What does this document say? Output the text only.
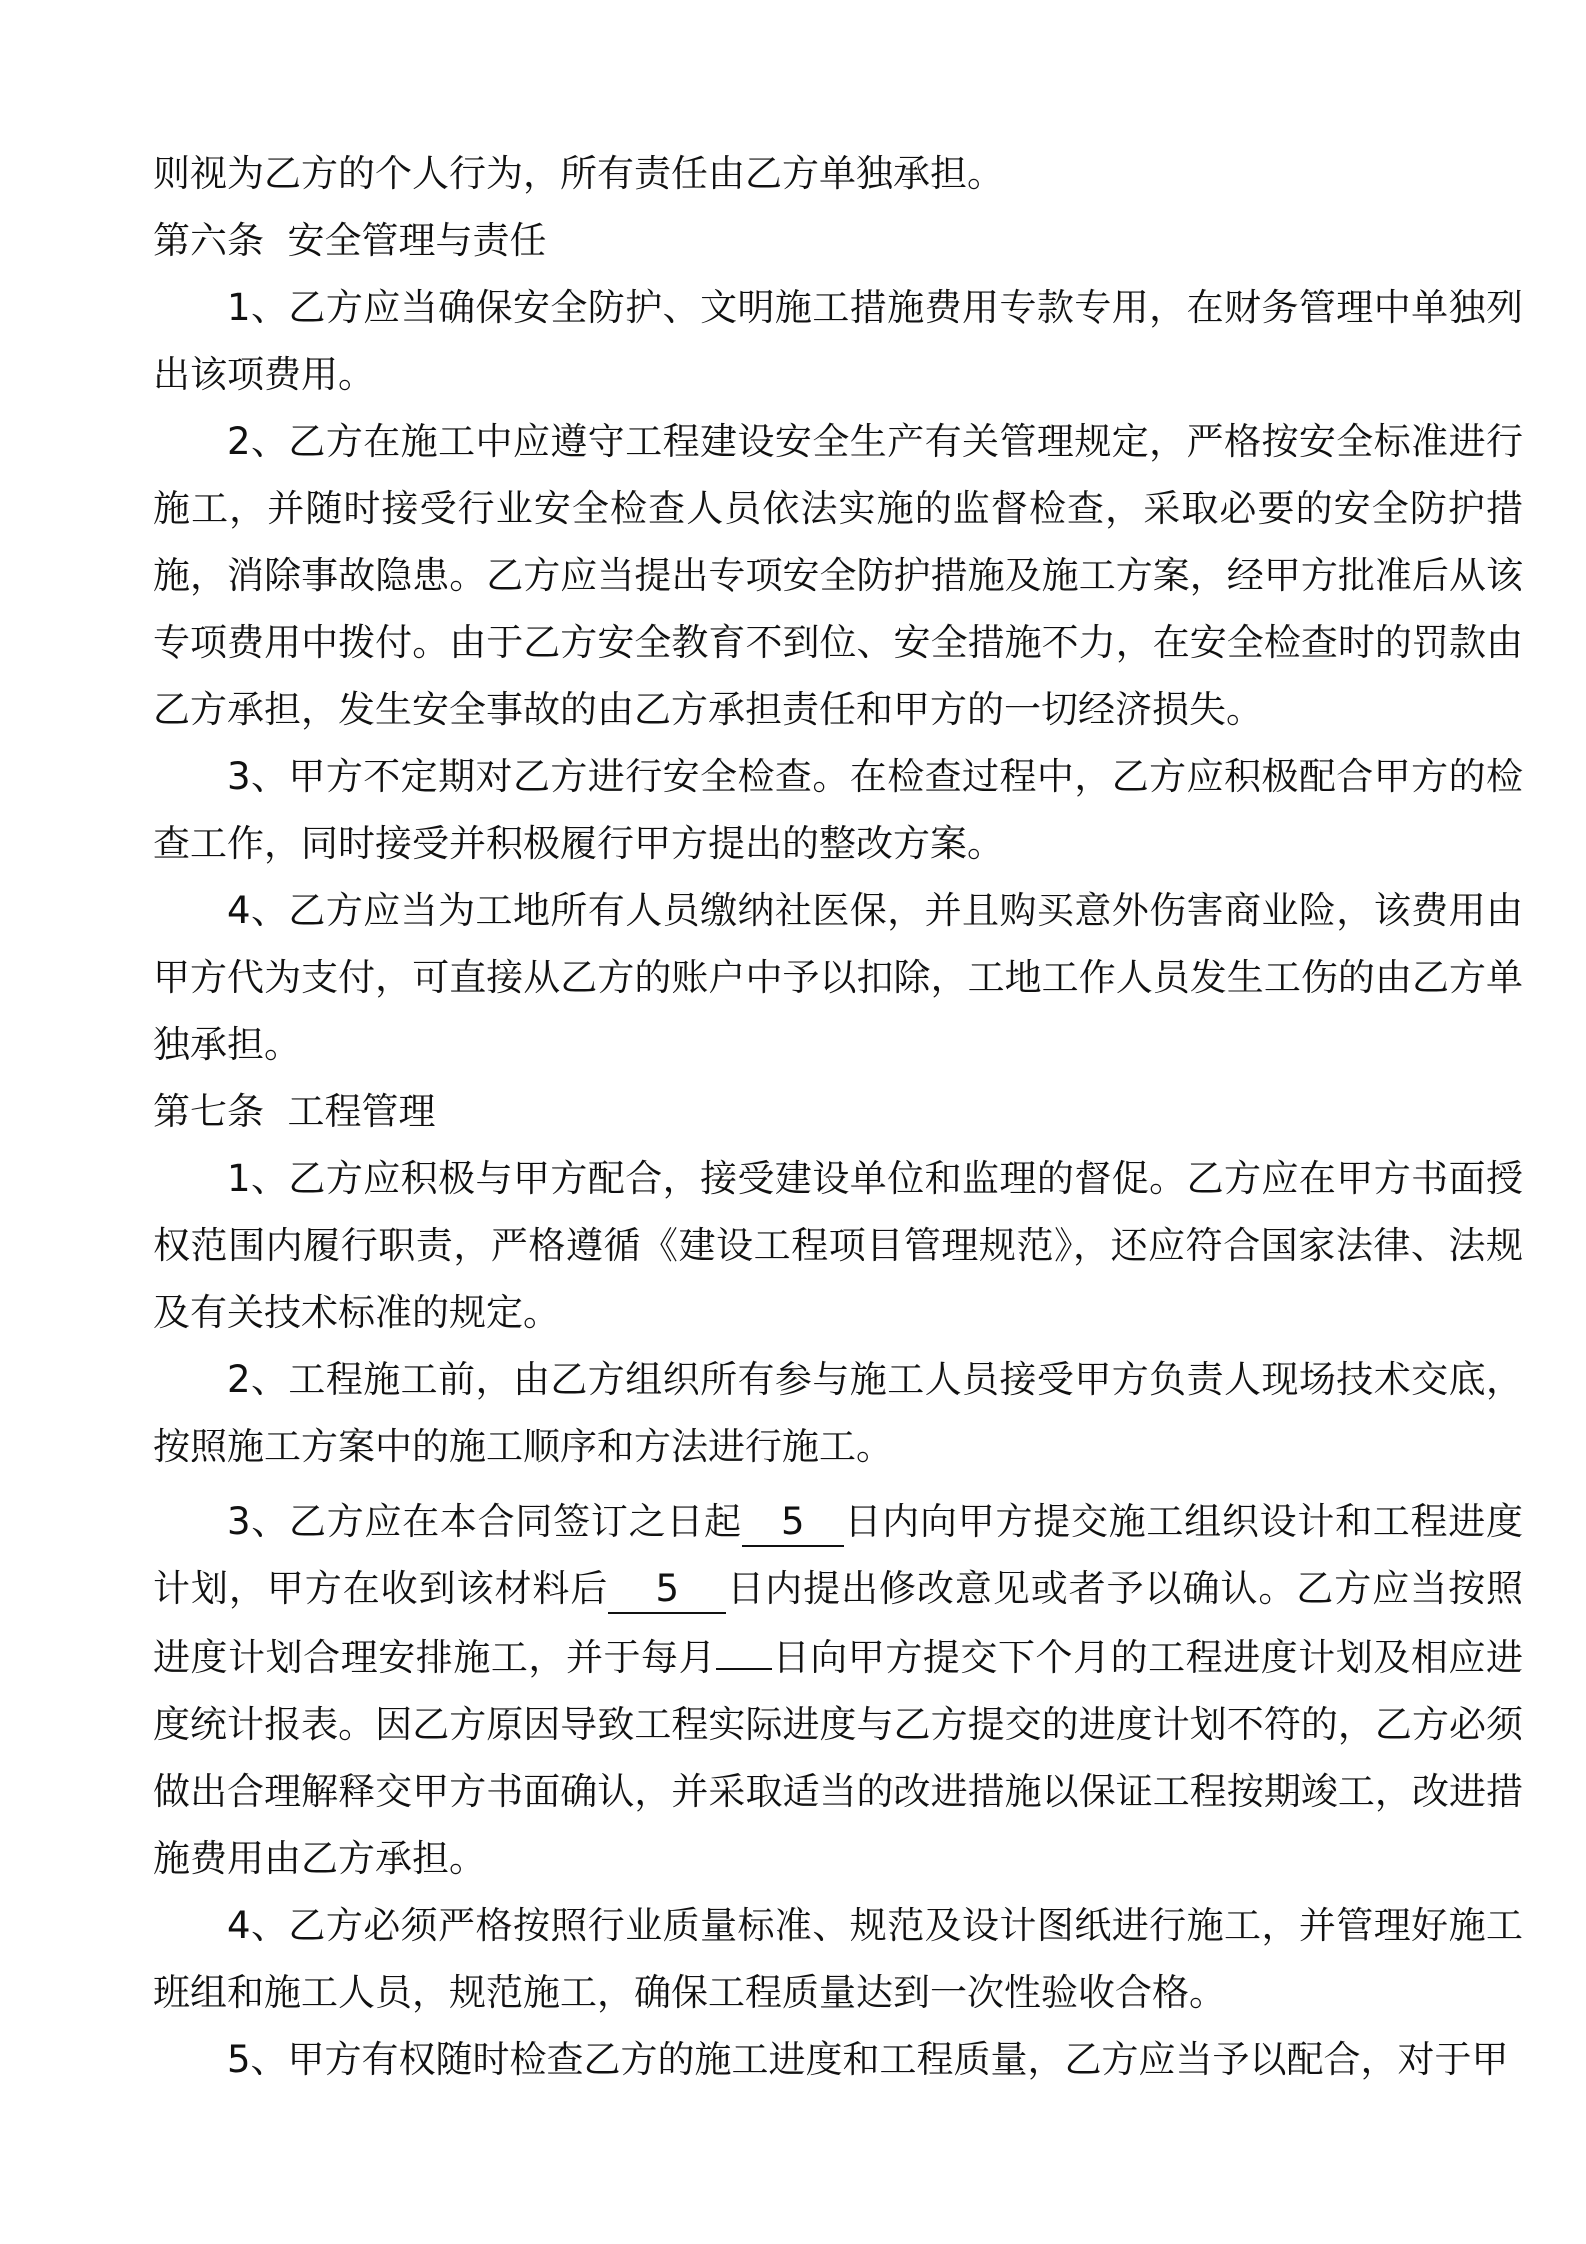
则视为乙方的个人行为，所有责任由乙方单独承担。

第六条  安全管理与责任

1、乙方应当确保安全防护、文明施工措施费用专款专用，在财务管理中单独列出该项费用。

2、乙方在施工中应遵守工程建设安全生产有关管理规定，严格按安全标准进行施工，并随时接受行业安全检查人员依法实施的监督检查，采取必要的安全防护措施，消除事故隐患。乙方应当提出专项安全防护措施及施工方案，经甲方批准后从该专项费用中拨付。由于乙方安全教育不到位、安全措施不力，在安全检查时的罚款由乙方承担，发生安全事故的由乙方承担责任和甲方的一切经济损失。

3、甲方不定期对乙方进行安全检查。在检查过程中，乙方应积极配合甲方的检查工作，同时接受并积极履行甲方提出的整改方案。

4、乙方应当为工地所有人员缴纳社医保，并且购买意外伤害商业险，该费用由甲方代为支付，可直接从乙方的账户中予以扣除，工地工作人员发生工伤的由乙方单独承担。

第七条  工程管理

1、乙方应积极与甲方配合，接受建设单位和监理的督促。乙方应在甲方书面授权范围内履行职责，严格遵循《建设工程项目管理规范》，还应符合国家法律、法规及有关技术标准的规定。

2、工程施工前，由乙方组织所有参与施工人员接受甲方负责人现场技术交底，按照施工方案中的施工顺序和方法进行施工。

3、乙方应在本合同签订之日起 5 日内向甲方提交施工组织设计和工程进度计划，甲方在收到该材料后 5 日内提出修改意见或者予以确认。乙方应当按照进度计划合理安排施工，并于每月 日向甲方提交下个月的工程进度计划及相应进度统计报表。因乙方原因导致工程实际进度与乙方提交的进度计划不符的，乙方必须做出合理解释交甲方书面确认，并采取适当的改进措施以保证工程按期竣工，改进措施费用由乙方承担。

4、乙方必须严格按照行业质量标准、规范及设计图纸进行施工，并管理好施工班组和施工人员，规范施工，确保工程质量达到一次性验收合格。

5、甲方有权随时检查乙方的施工进度和工程质量，乙方应当予以配合，对于甲
